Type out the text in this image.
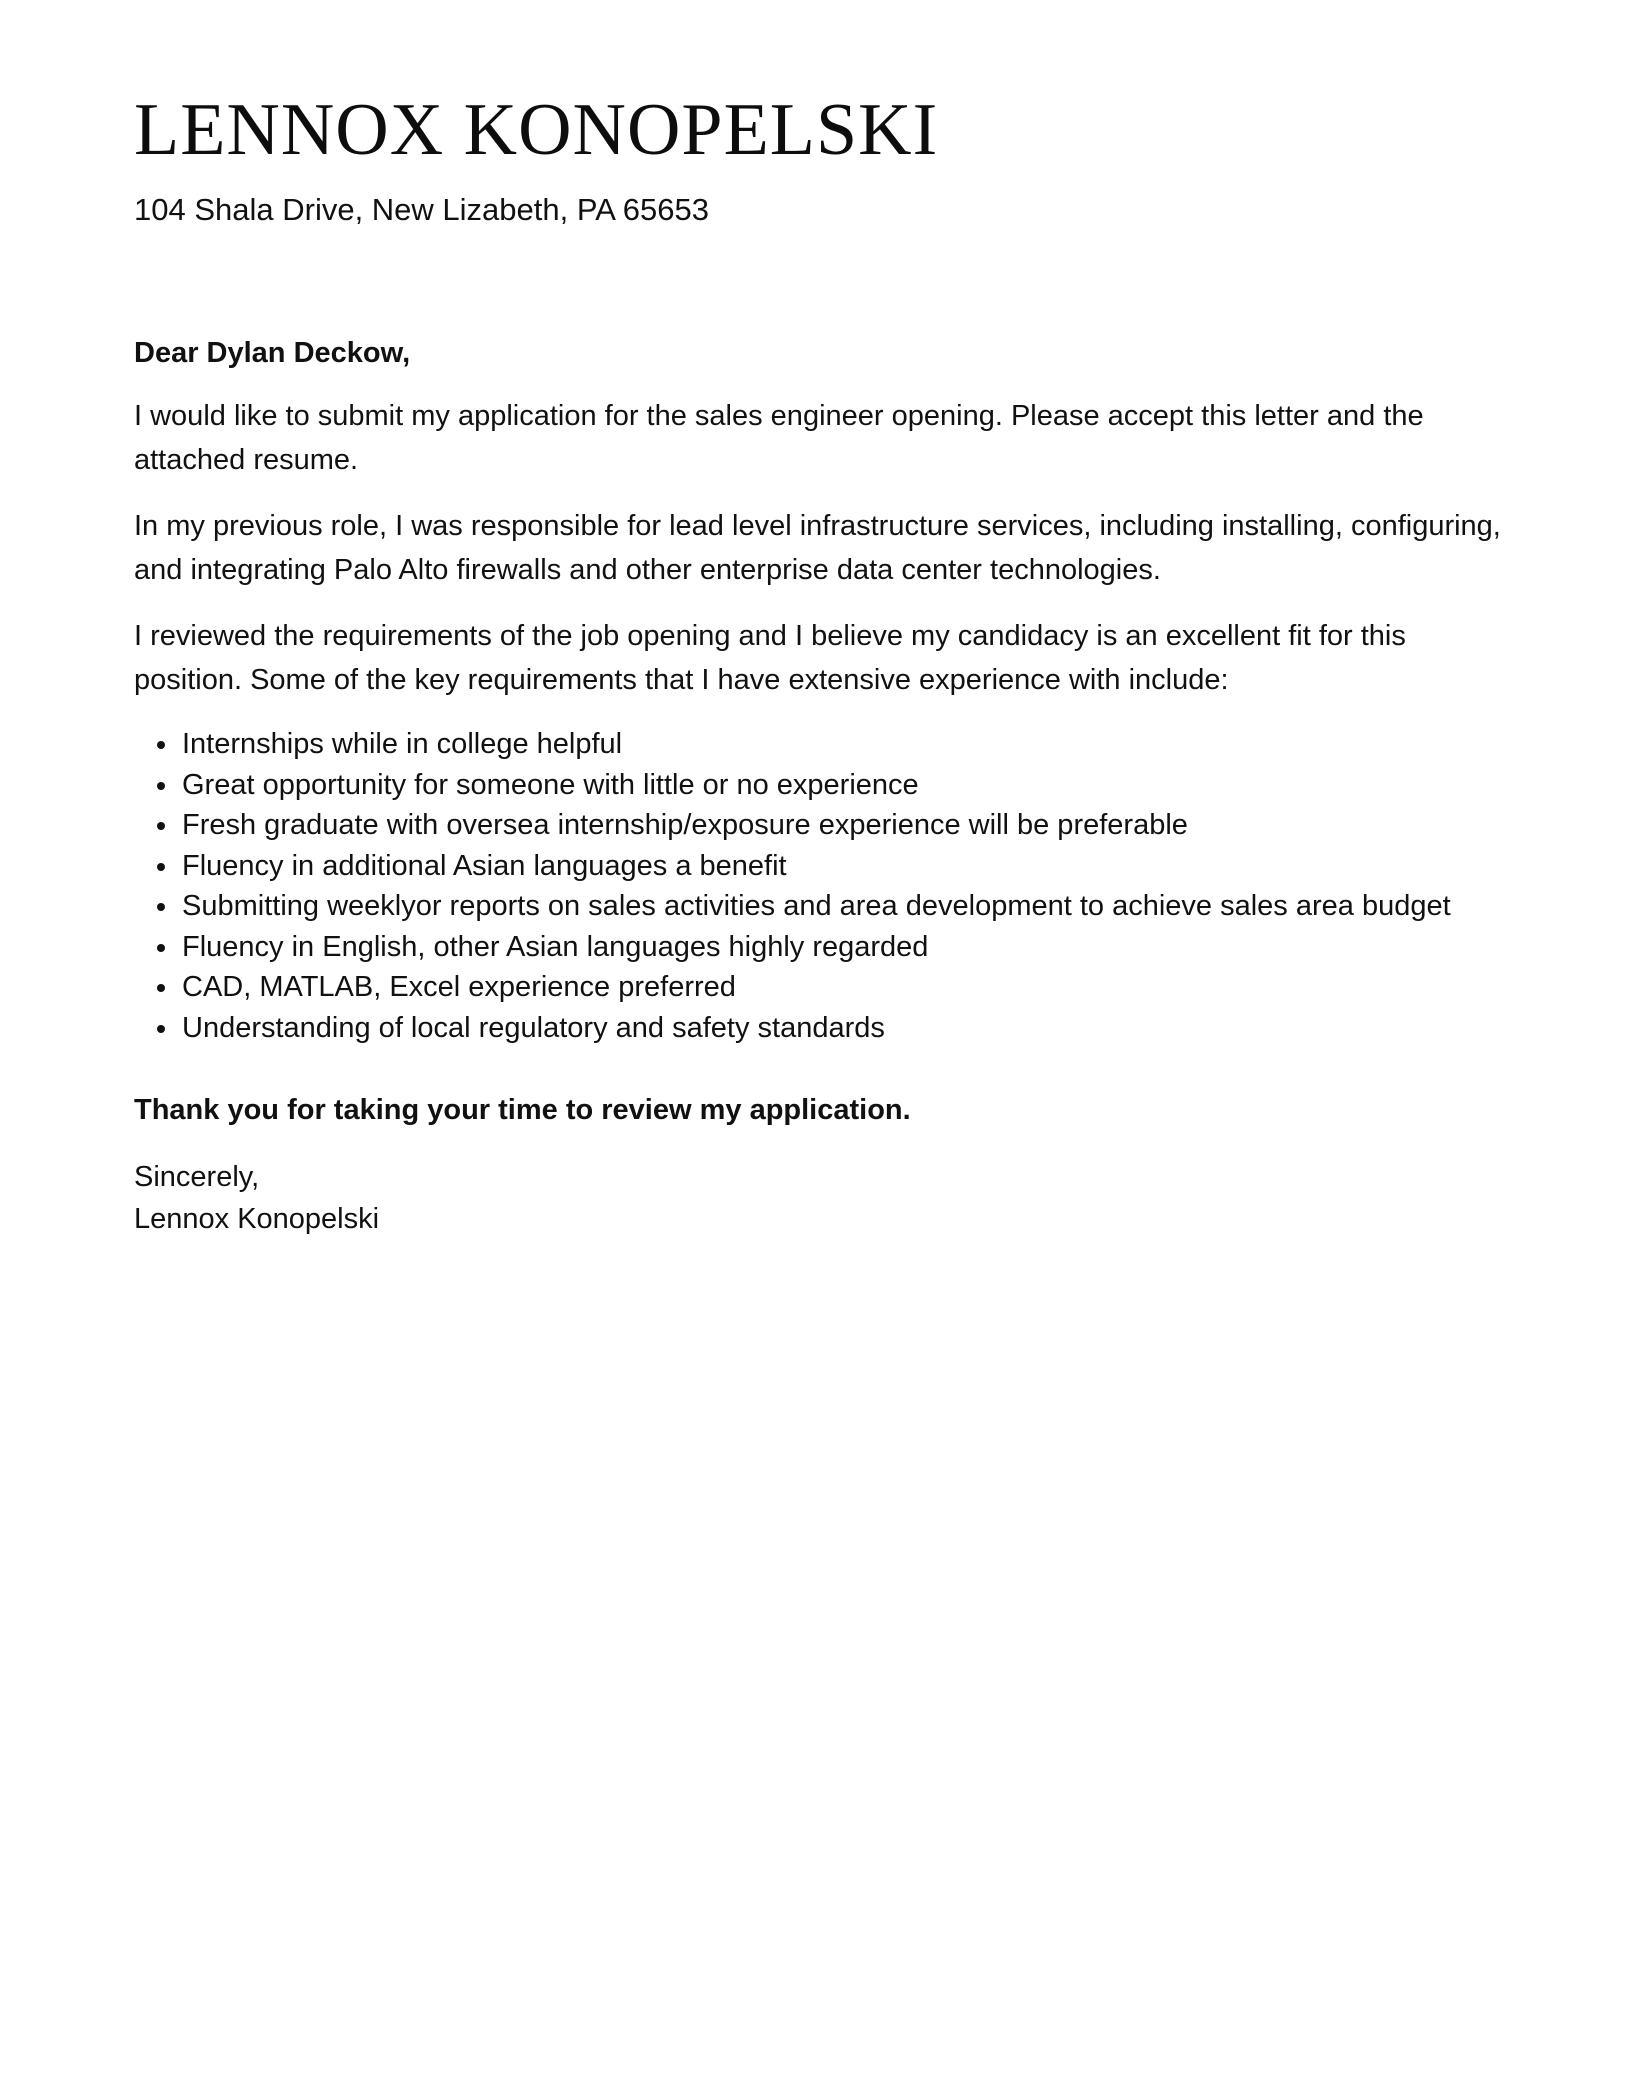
LENNOX KONOPELSKI
104 Shala Drive, New Lizabeth, PA 65653
Dear Dylan Deckow,

I would like to submit my application for the sales engineer opening. Please accept this letter and the attached resume.

In my previous role, I was responsible for lead level infrastructure services, including installing, configuring, and integrating Palo Alto firewalls and other enterprise data center technologies.

I reviewed the requirements of the job opening and I believe my candidacy is an excellent fit for this position. Some of the key requirements that I have extensive experience with include:

Internships while in college helpful
Great opportunity for someone with little or no experience
Fresh graduate with oversea internship/exposure experience will be preferable
Fluency in additional Asian languages a benefit
Submitting weeklyor reports on sales activities and area development to achieve sales area budget
Fluency in English, other Asian languages highly regarded
CAD, MATLAB, Excel experience preferred
Understanding of local regulatory and safety standards
Thank you for taking your time to review my application.
Sincerely,
Lennox Konopelski
